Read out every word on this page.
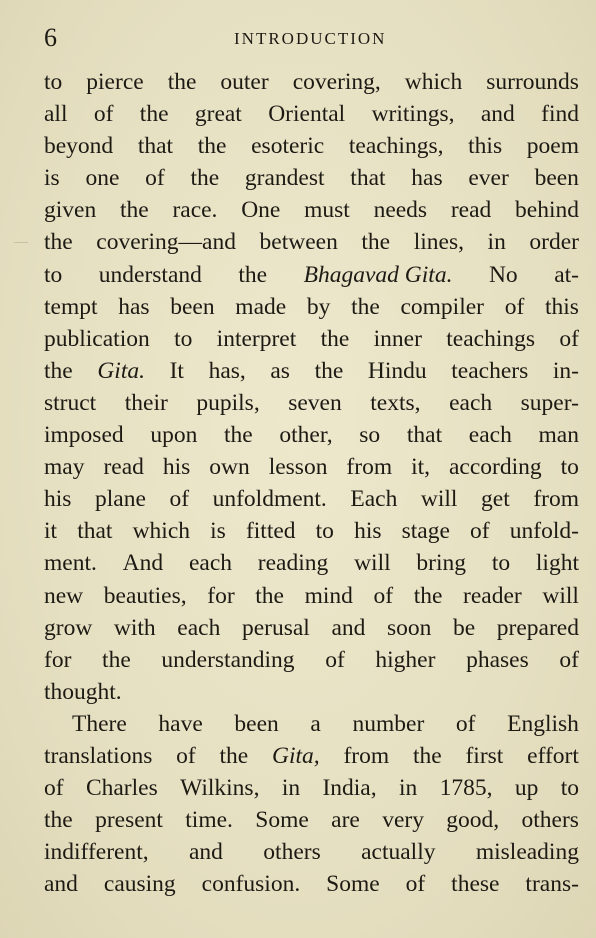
6	INTRODUCTION
to pierce the outer covering, which surrounds
all of the great Oriental writings, and find
beyond that the esoteric teachings, this poem
is one of the grandest that has ever been
given the race. One must needs read behind
the covering—and between the lines, in order
to understand the Bhagavad Gita. No at-
tempt has been made by the compiler of this
publication to interpret the inner teachings of
the Gita. It has, as the Hindu teachers in-
struct their pupils, seven texts, each super-
imposed upon the other, so that each man
may read his own lesson from it, according to
his plane of unfoldment. Each will get from
it that which is fitted to his stage of unfold-
ment. And each reading will bring to light
new beauties, for the mind of the reader will
grow with each perusal and soon be prepared
for the understanding of higher phases of
thought.
There have been a number of English
translations of the Gita, from the first effort
of Charles Wilkins, in India, in 1785, up to
the present time. Some are very good, others
indifferent, and others actually misleading
and causing confusion. Some of these trans-
